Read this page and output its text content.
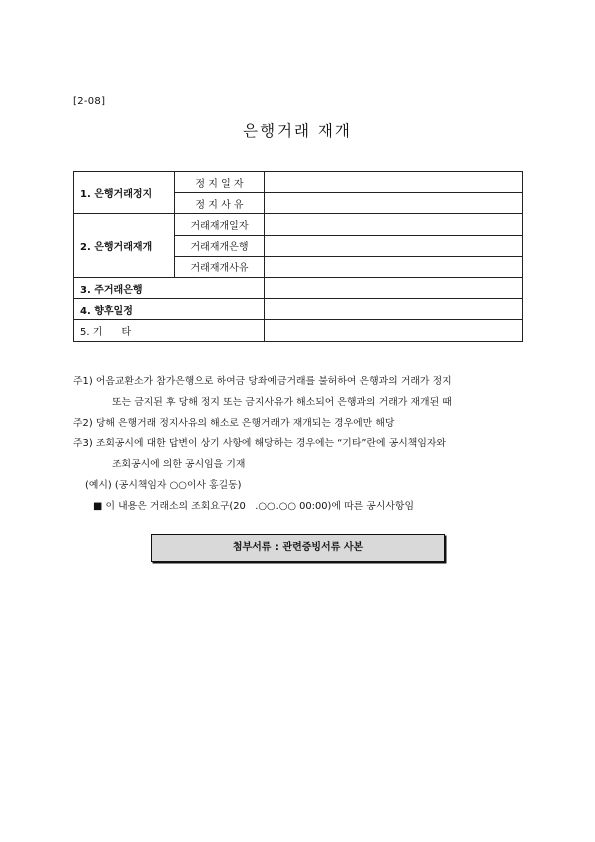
[2-08]
은행거래 재개
1. 은행거래정지	정 지 일 자	
	정 지 사 유	
2. 은행거래재개	거래재개일자	
	거래재개은행	
	거래재개사유	
3. 주거래은행		
4. 향후일정		
5. 기      타		
주1) 어음교환소가 참가은행으로 하여금 당좌예금거래를 불허하여 은행과의 거래가 정지
또는 금지된 후 당해 정지 또는 금지사유가 해소되어 은행과의 거래가 재개된 때
주2) 당해 은행거래 정지사유의 해소로 은행거래가 재개되는 경우에만 해당
주3) 조회공시에 대한 답변이 상기 사항에 해당하는 경우에는 “기타”란에 공시책임자와
조회공시에 의한 공시임을 기재
(예시) (공시책임자 ○○이사 홍길동)
■ 이 내용은 거래소의 조회요구(20   .○○.○○ 00:00)에 따른 공시사항임
첨부서류 : 관련증빙서류 사본
